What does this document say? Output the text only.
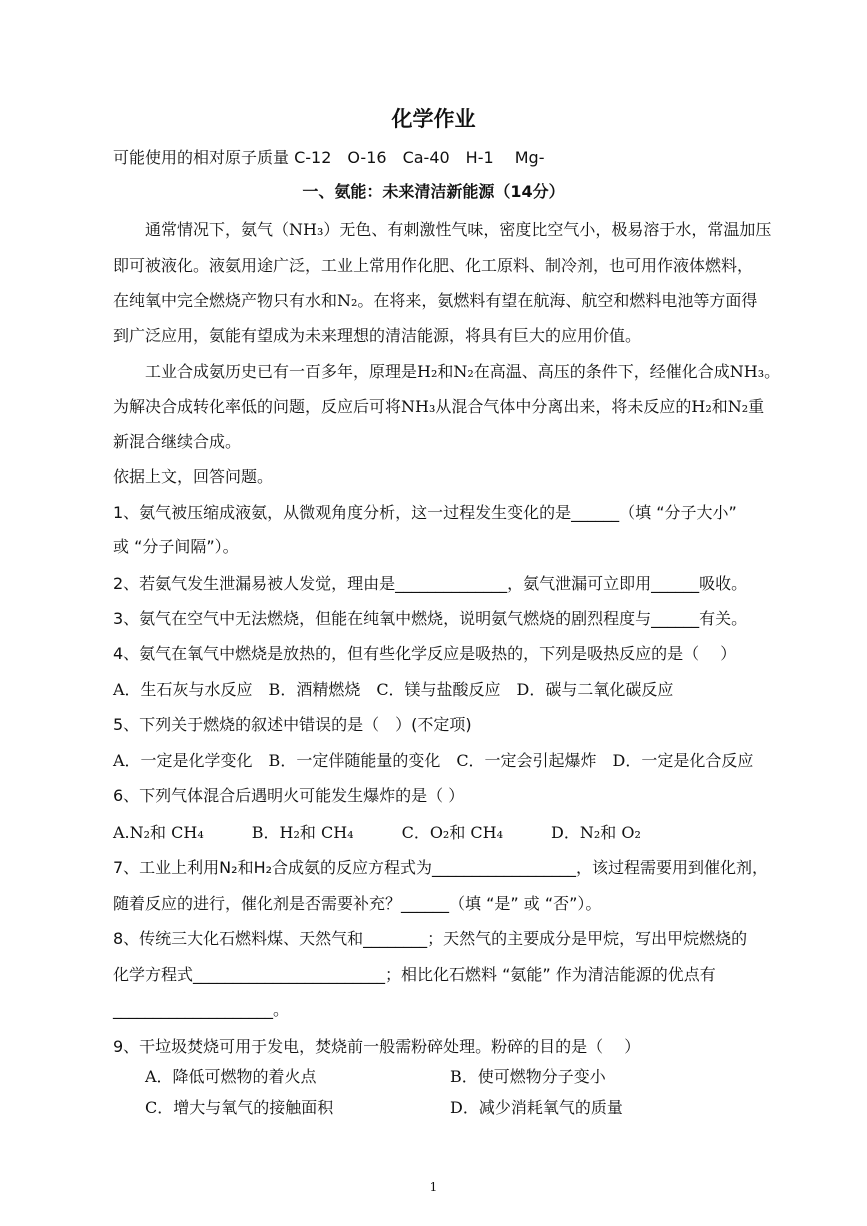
化学作业
可能使用的相对原子质量 C-12　O-16　Ca-40　H-1　 Mg-
一、氨能：未来清洁新能源（14分）
通常情况下，氨气（NH₃）无色、有刺激性气味，密度比空气小，极易溶于水，常温加压
即可被液化。液氨用途广泛，工业上常用作化肥、化工原料、制冷剂，也可用作液体燃料，
在纯氧中完全燃烧产物只有水和N₂。在将来，氨燃料有望在航海、航空和燃料电池等方面得
到广泛应用，氨能有望成为未来理想的清洁能源，将具有巨大的应用价值。
工业合成氨历史已有一百多年，原理是H₂和N₂在高温、高压的条件下，经催化合成NH₃。
为解决合成转化率低的问题，反应后可将NH₃从混合气体中分离出来，将未反应的H₂和N₂重
新混合继续合成。
依据上文，回答问题。
1、氨气被压缩成液氨，从微观角度分析，这一过程发生变化的是______（填 “分子大小”
或 “分子间隔”）。
2、若氨气发生泄漏易被人发觉，理由是______________，氨气泄漏可立即用______吸收。
3、氨气在空气中无法燃烧，但能在纯氧中燃烧，说明氨气燃烧的剧烈程度与______有关。
4、氨气在氧气中燃烧是放热的，但有些化学反应是吸热的，下列是吸热反应的是（　 ）
A．生石灰与水反应　B．酒精燃烧　C．镁与盐酸反应　D．碳与二氧化碳反应
5、下列关于燃烧的叙述中错误的是（　）(不定项)
A．一定是化学变化　B．一定伴随能量的变化　C．一定会引起爆炸　D．一定是化合反应
6、下列气体混合后遇明火可能发生爆炸的是（ ）
A.N₂和 CH₄　　　B．H₂和 CH₄　　　C．O₂和 CH₄　　　D．N₂和 O₂
7、工业上利用N₂和H₂合成氨的反应方程式为__________________，该过程需要用到催化剂，
随着反应的进行，催化剂是否需要补充？______（填 “是” 或 “否”）。
8、传统三大化石燃料煤、天然气和________；天然气的主要成分是甲烷，写出甲烷燃烧的
化学方程式________________________；相比化石燃料 “氨能” 作为清洁能源的优点有
____________________。
9、干垃圾焚烧可用于发电，焚烧前一般需粉碎处理。粉碎的目的是（　 ）
A．降低可燃物的着火点	B．使可燃物分子变小
C．增大与氧气的接触面积	D．减少消耗氧气的质量
1
